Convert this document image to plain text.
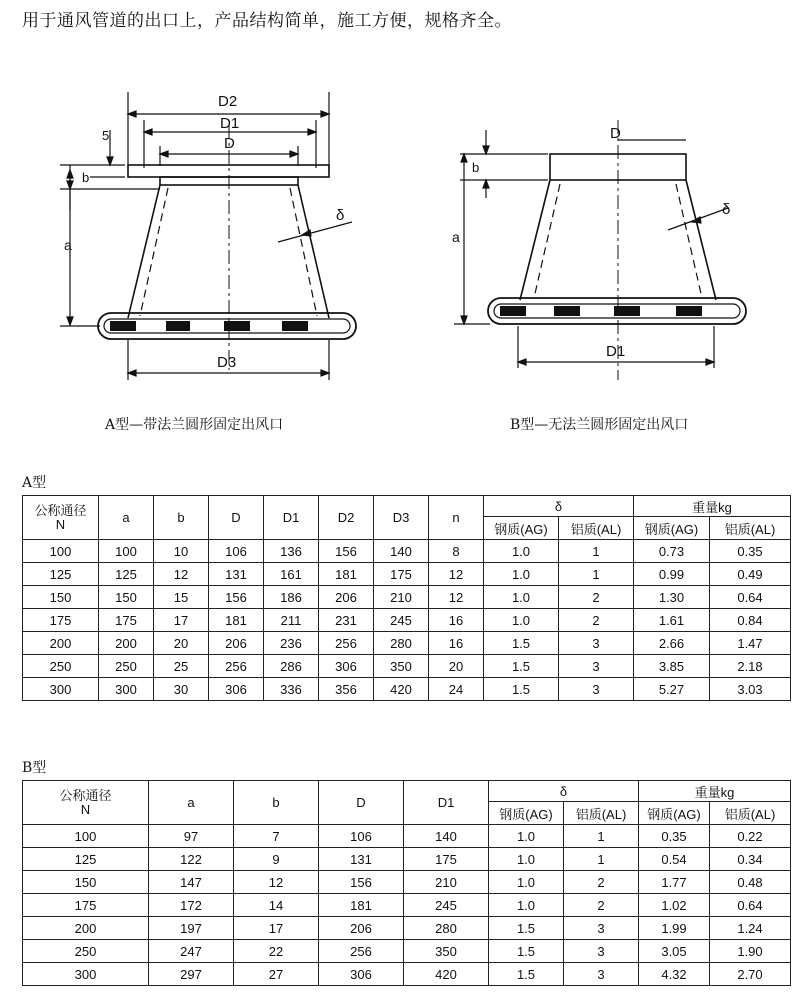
用于通风管道的出口上，产品结构简单，施工方便，规格齐全。
D2
D1
D
5
b
a
δ
D3
A型—带法兰圆形固定出风口
D
b
a
δ
D1
B型—无法兰圆形固定出风口
A型
公称通径
N	a	b	D	D1	D2	D3	n	δ		重量kg	
								钢质(AG)	铝质(AL)	钢质(AG)	铝质(AL)
100	100	10	106	136	156	140	8	1.0	1	0.73	0.35
125	125	12	131	161	181	175	12	1.0	1	0.99	0.49
150	150	15	156	186	206	210	12	1.0	2	1.30	0.64
175	175	17	181	211	231	245	16	1.0	2	1.61	0.84
200	200	20	206	236	256	280	16	1.5	3	2.66	1.47
250	250	25	256	286	306	350	20	1.5	3	3.85	2.18
300	300	30	306	336	356	420	24	1.5	3	5.27	3.03
B型
公称通径
N	a	b	D	D1	δ		重量kg	
					钢质(AG)	铝质(AL)	钢质(AG)	铝质(AL)
100	97	7	106	140	1.0	1	0.35	0.22
125	122	9	131	175	1.0	1	0.54	0.34
150	147	12	156	210	1.0	2	1.77	0.48
175	172	14	181	245	1.0	2	1.02	0.64
200	197	17	206	280	1.5	3	1.99	1.24
250	247	22	256	350	1.5	3	3.05	1.90
300	297	27	306	420	1.5	3	4.32	2.70
